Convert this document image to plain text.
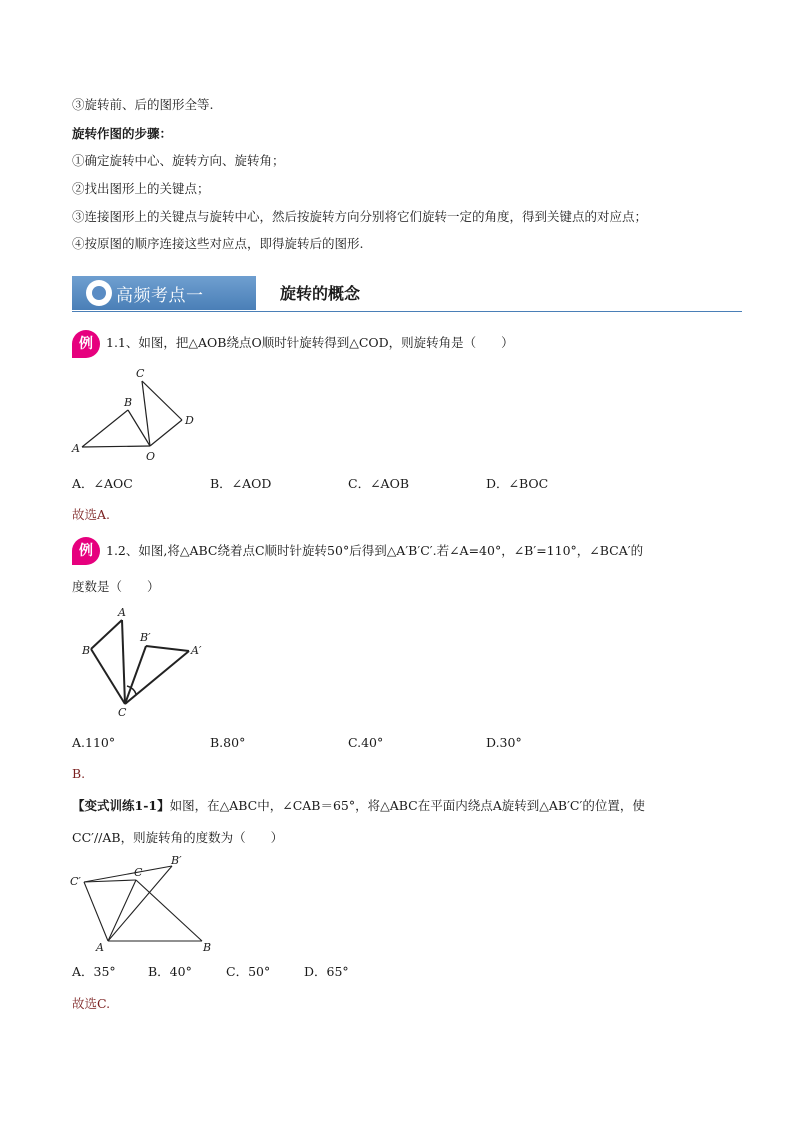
③旋转前、后的图形全等.
旋转作图的步骤：
①确定旋转中心、旋转方向、旋转角；
②找出图形上的关键点；
③连接图形上的关键点与旋转中心，然后按旋转方向分别将它们旋转一定的角度，得到关键点的对应点；
④按原图的顺序连接这些对应点，即得旋转后的图形.
高频考点一	旋转的概念
例	1.1、如图，把△AOB绕点O顺时针旋转得到△COD，则旋转角是（　　）
A
B
C
D
O
A．∠AOC	B．∠AOD	C．∠AOB	D．∠BOC
故选A.
例	1.2、如图,将△ABC绕着点C顺时针旋转50°后得到△A′B′C′.若∠A=40°，∠B′=110°，∠BCA′的
度数是（　　）
A
B
C
B′
A′
A.110°	B.80°	C.40°	D.30°
B.
【变式训练1-1】如图，在△ABC中，∠CAB＝65°，将△ABC在平面内绕点A旋转到△AB′C′的位置，使
CC′//AB，则旋转角的度数为（　　）
C′
B′
C
A	B
A．35°	B．40°	C．50°	D．65°
故选C.
